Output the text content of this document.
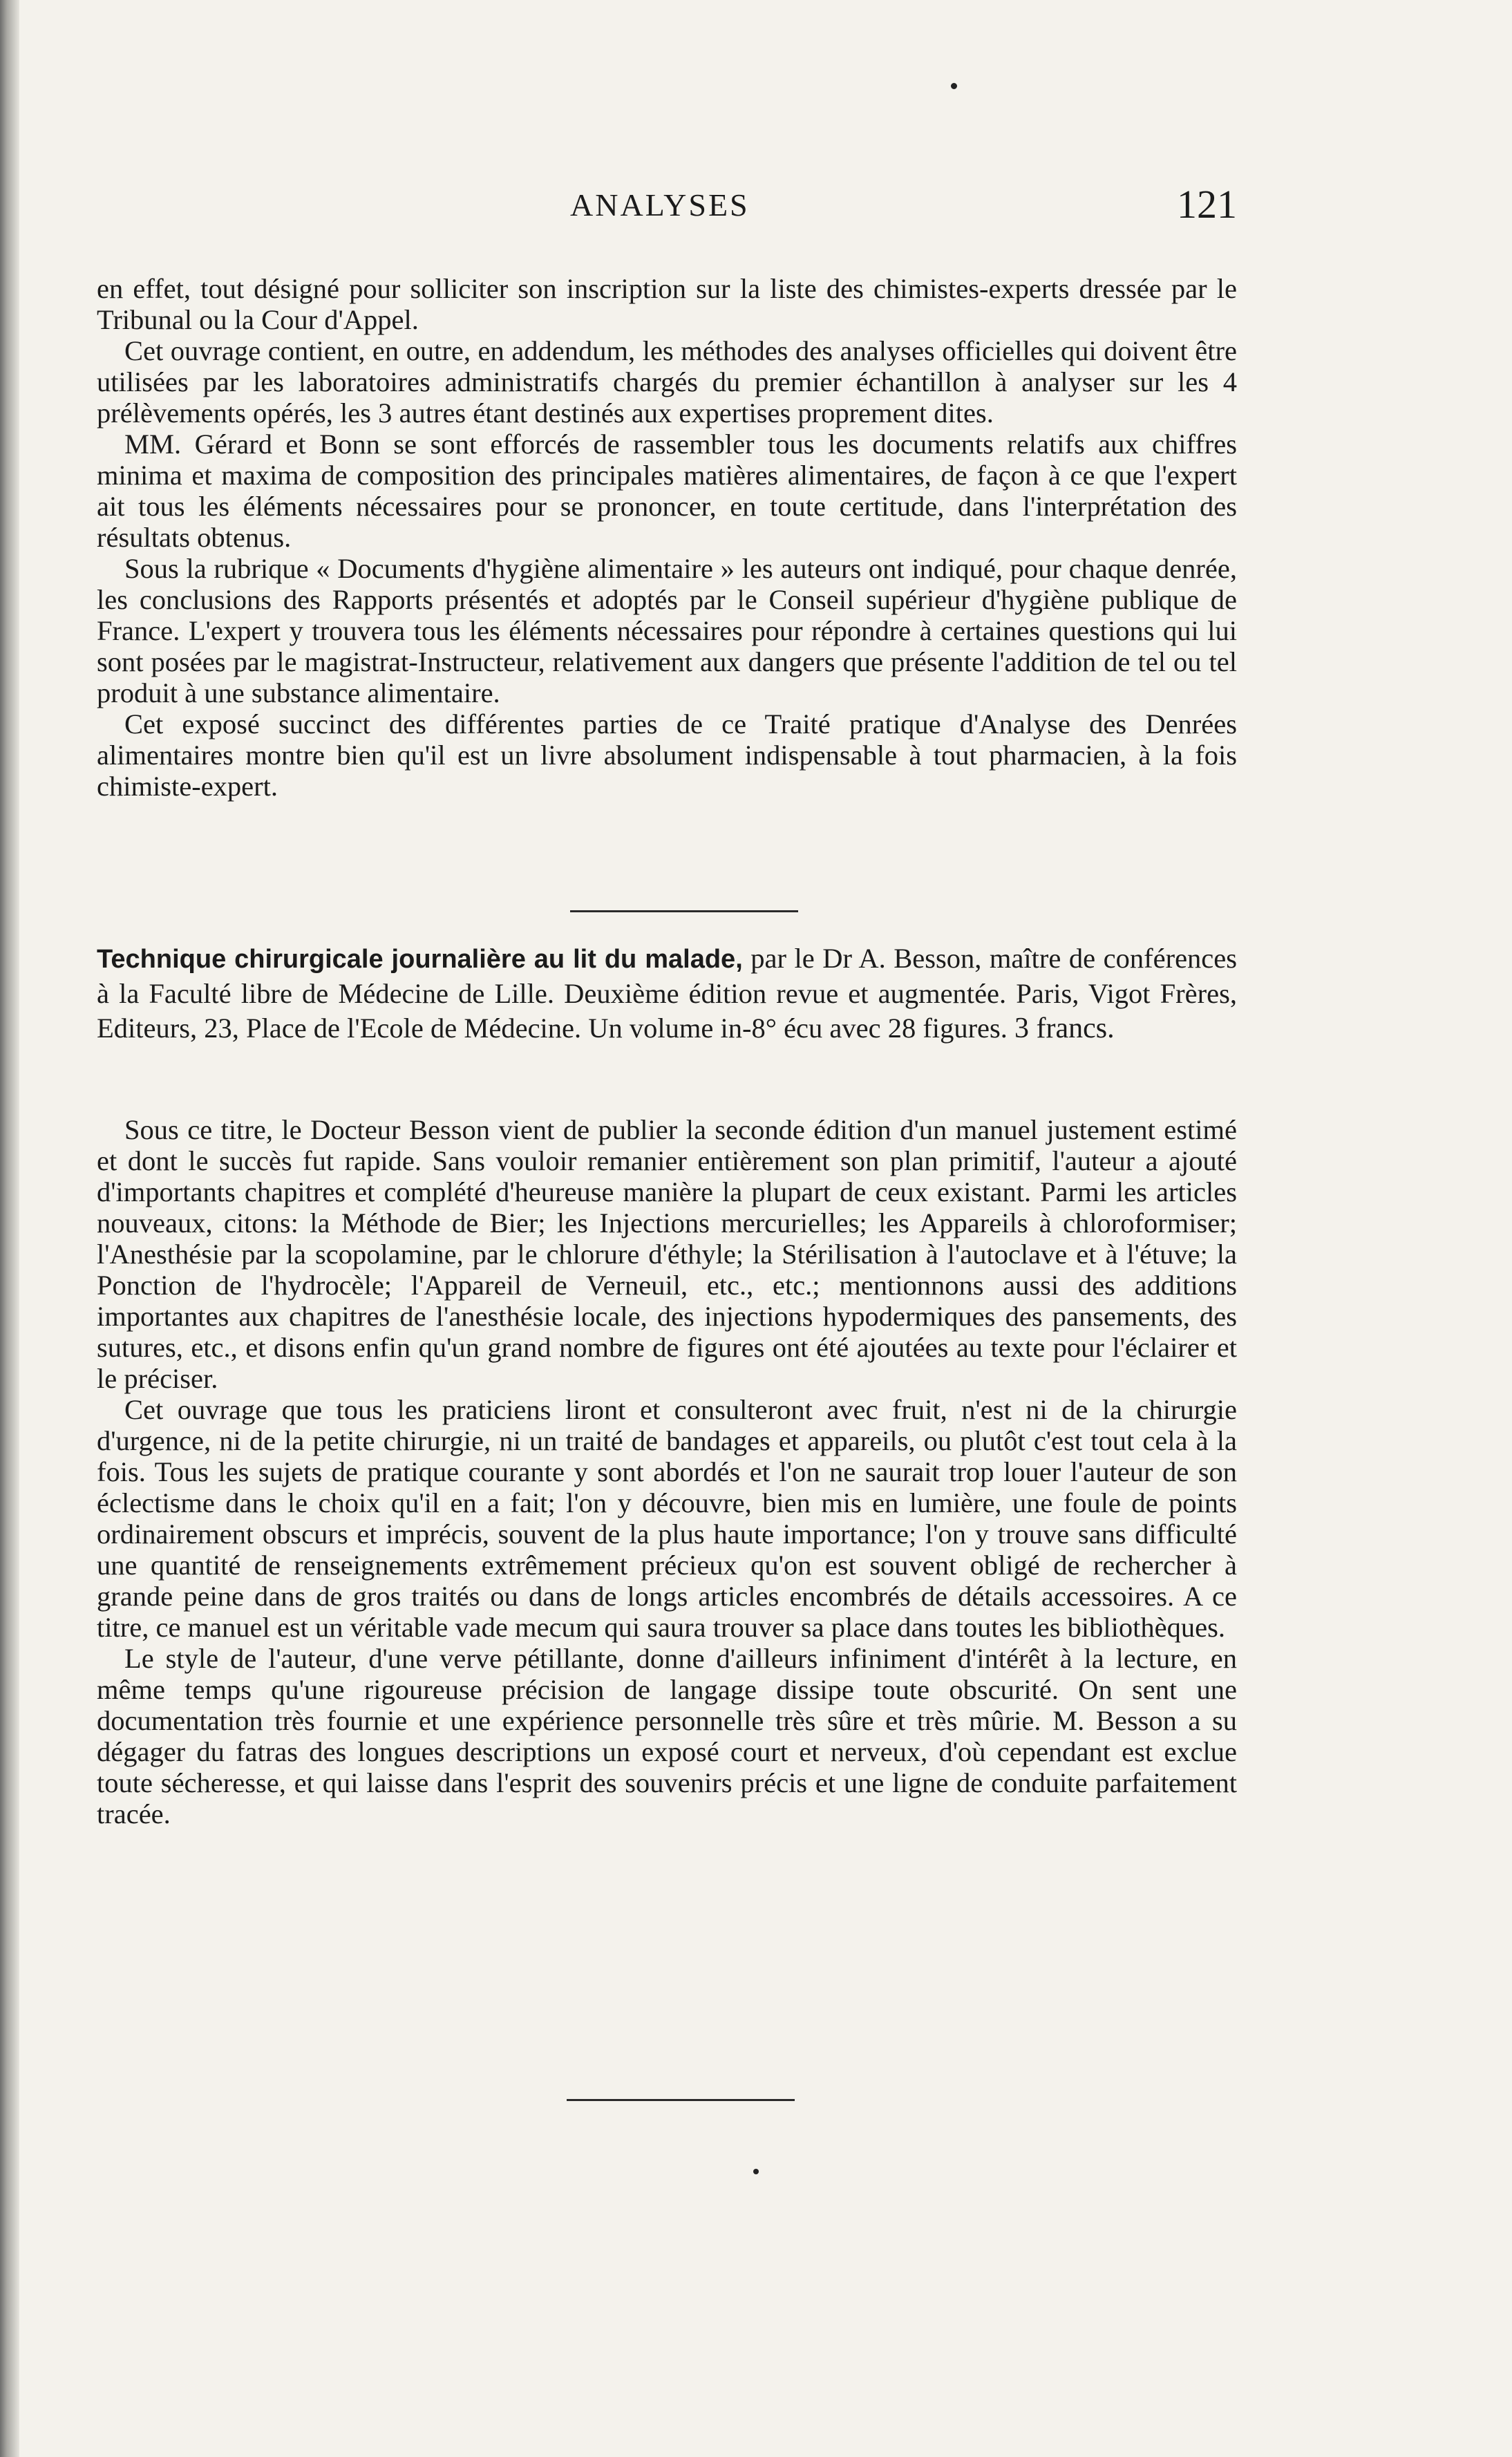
ANALYSES	121

en effet, tout désigné pour solliciter son inscription sur la liste des chimistes-experts dressée par le Tribunal ou la Cour d'Appel.

Cet ouvrage contient, en outre, en addendum, les méthodes des analyses officielles qui doivent être utilisées par les laboratoires administratifs chargés du premier échantillon à analyser sur les 4 prélèvements opérés, les 3 autres étant destinés aux expertises proprement dites.

MM. Gérard et Bonn se sont efforcés de rassembler tous les documents relatifs aux chiffres minima et maxima de composition des principales matières alimentaires, de façon à ce que l'expert ait tous les éléments nécessaires pour se prononcer, en toute certitude, dans l'interprétation des résultats obtenus.

Sous la rubrique « Documents d'hygiène alimentaire » les auteurs ont indiqué, pour chaque denrée, les conclusions des Rapports présentés et adoptés par le Conseil supérieur d'hygiène publique de France. L'expert y trouvera tous les éléments nécessaires pour répondre à certaines questions qui lui sont posées par le magistrat-Instructeur, relativement aux dangers que présente l'addition de tel ou tel produit à une substance alimentaire.

Cet exposé succinct des différentes parties de ce Traité pratique d'Analyse des Denrées alimentaires montre bien qu'il est un livre absolument indispensable à tout pharmacien, à la fois chimiste-expert.

Technique chirurgicale journalière au lit du malade, par le Dr A. Besson, maître de conférences à la Faculté libre de Médecine de Lille. Deuxième édition revue et augmentée. Paris, Vigot Frères, Editeurs, 23, Place de l'Ecole de Médecine. Un volume in-8° écu avec 28 figures. 3 francs.

Sous ce titre, le Docteur Besson vient de publier la seconde édition d'un manuel justement estimé et dont le succès fut rapide. Sans vouloir remanier entièrement son plan primitif, l'auteur a ajouté d'importants chapitres et complété d'heureuse manière la plupart de ceux existant. Parmi les articles nouveaux, citons: la Méthode de Bier; les Injections mercurielles; les Appareils à chloroformiser; l'Anesthésie par la scopolamine, par le chlorure d'éthyle; la Stérilisation à l'autoclave et à l'étuve; la Ponction de l'hydrocèle; l'Appareil de Verneuil, etc., etc.; mentionnons aussi des additions importantes aux chapitres de l'anesthésie locale, des injections hypodermiques des pansements, des sutures, etc., et disons enfin qu'un grand nombre de figures ont été ajoutées au texte pour l'éclairer et le préciser.

Cet ouvrage que tous les praticiens liront et consulteront avec fruit, n'est ni de la chirurgie d'urgence, ni de la petite chirurgie, ni un traité de bandages et appareils, ou plutôt c'est tout cela à la fois. Tous les sujets de pratique courante y sont abordés et l'on ne saurait trop louer l'auteur de son éclectisme dans le choix qu'il en a fait; l'on y découvre, bien mis en lumière, une foule de points ordinairement obscurs et imprécis, souvent de la plus haute importance; l'on y trouve sans difficulté une quantité de renseignements extrêmement précieux qu'on est souvent obligé de rechercher à grande peine dans de gros traités ou dans de longs articles encombrés de détails accessoires. A ce titre, ce manuel est un véritable vade mecum qui saura trouver sa place dans toutes les bibliothèques.

Le style de l'auteur, d'une verve pétillante, donne d'ailleurs infiniment d'intérêt à la lecture, en même temps qu'une rigoureuse précision de langage dissipe toute obscurité. On sent une documentation très fournie et une expérience personnelle très sûre et très mûrie. M. Besson a su dégager du fatras des longues descriptions un exposé court et nerveux, d'où cependant est exclue toute sécheresse, et qui laisse dans l'esprit des souvenirs précis et une ligne de conduite parfaitement tracée.
